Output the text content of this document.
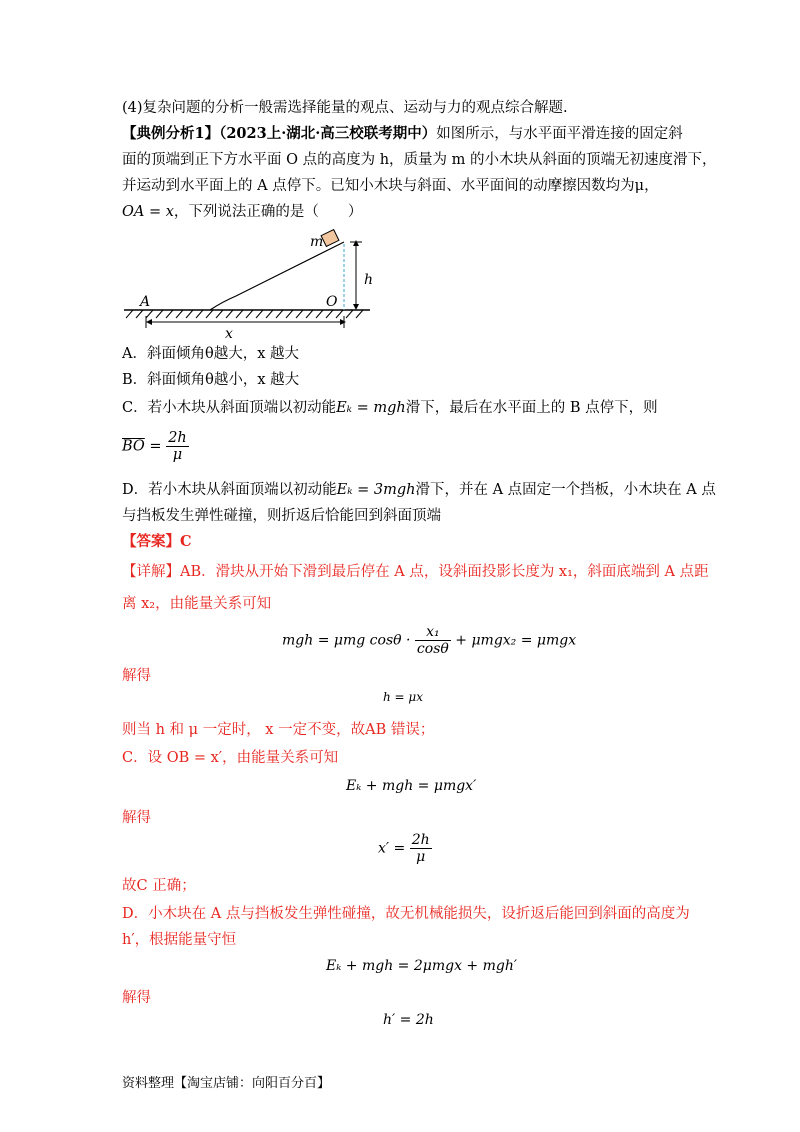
(4)复杂问题的分析一般需选择能量的观点、运动与力的观点综合解题.
【典例分析1】（2023上·湖北·高三校联考期中）如图所示，与水平面平滑连接的固定斜
面的顶端到正下方水平面 O 点的高度为 h，质量为 m 的小木块从斜面的顶端无初速度滑下，
并运动到水平面上的 A 点停下。已知小木块与斜面、水平面间的动摩擦因数均为μ，
OA = x，下列说法正确的是（　　）
m
h
A	O
x
A．斜面倾角θ越大，x 越大
B．斜面倾角θ越小，x 越大
C．若小木块从斜面顶端以初动能Eₖ = mgh滑下，最后在水平面上的 B 点停下，则
$\overline{BO} = \frac{2h}{\mu}$
D．若小木块从斜面顶端以初动能Eₖ = 3mgh滑下，并在 A 点固定一个挡板，小木块在 A 点
与挡板发生弹性碰撞，则折返后恰能回到斜面顶端
【答案】C
【详解】AB．滑块从开始下滑到最后停在 A 点，设斜面投影长度为 x₁，斜面底端到 A 点距
离 x₂，由能量关系可知
mgh = μmg $\cos\theta \cdot \frac{\text{x₁}}{\cos\theta} + \mu mgx_2 = \mu mgx$
解得
h = μx
则当 h 和 μ 一定时， x 一定不变，故AB 错误；
C．设 OB = x′，由能量关系可知
Eₖ + mgh = μmgx′
解得
$x' = \frac{2h}{\mu}$
故C 正确；
D．小木块在 A 点与挡板发生弹性碰撞，故无机械能损失，设折返后能回到斜面的高度为
h′，根据能量守恒
Eₖ + mgh = 2μmgx + mgh′
解得
h′ = 2h
资料整理【淘宝店铺：向阳百分百】
